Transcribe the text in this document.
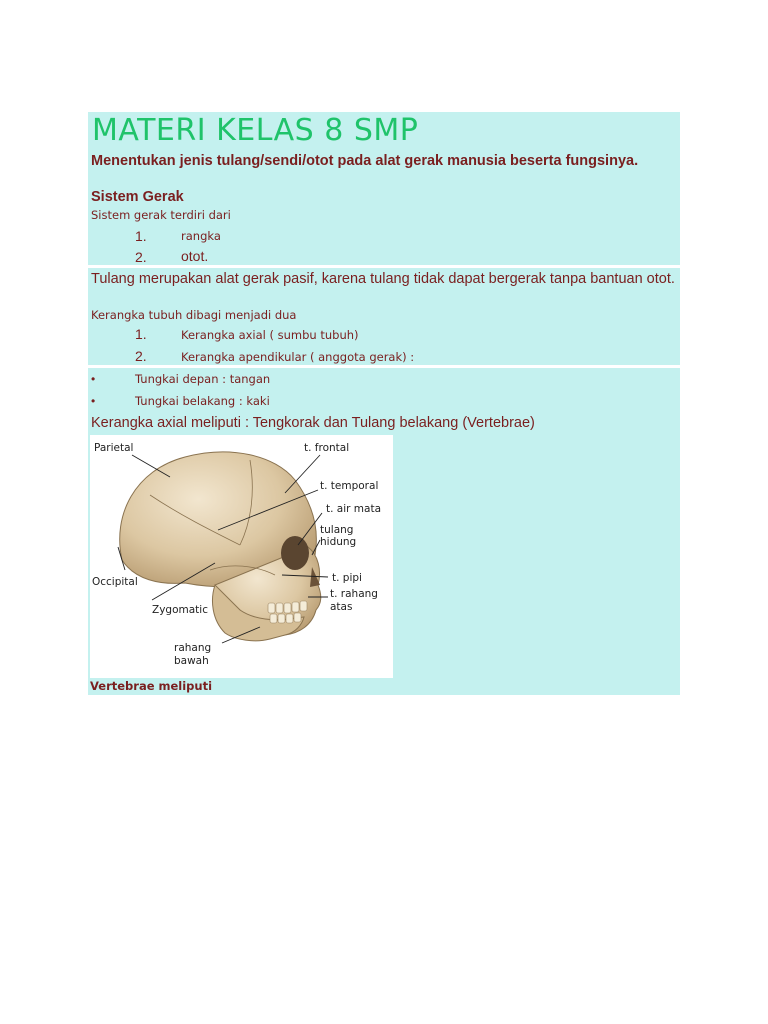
MATERI KELAS 8 SMP
Menentukan jenis tulang/sendi/otot pada alat gerak manusia beserta fungsinya.
Sistem Gerak
Sistem gerak terdiri dari
1.	rangka
2. otot.
Tulang merupakan alat gerak pasif, karena tulang tidak dapat bergerak tanpa bantuan otot.
Kerangka tubuh dibagi menjadi dua
1.	Kerangka axial ( sumbu tubuh)
2.	Kerangka apendikular ( anggota gerak) :
•	Tungkai depan : tangan
•	Tungkai belakang : kaki
Kerangka axial meliputi : Tengkorak dan Tulang belakang (Vertebrae)
Parietal	t. frontal
t. temporal
t. air mata
tulang
hidung
Occipital	t. pipi
Zygomatic
t. rahang
atas
rahang
bawah
Vertebrae meliputi
